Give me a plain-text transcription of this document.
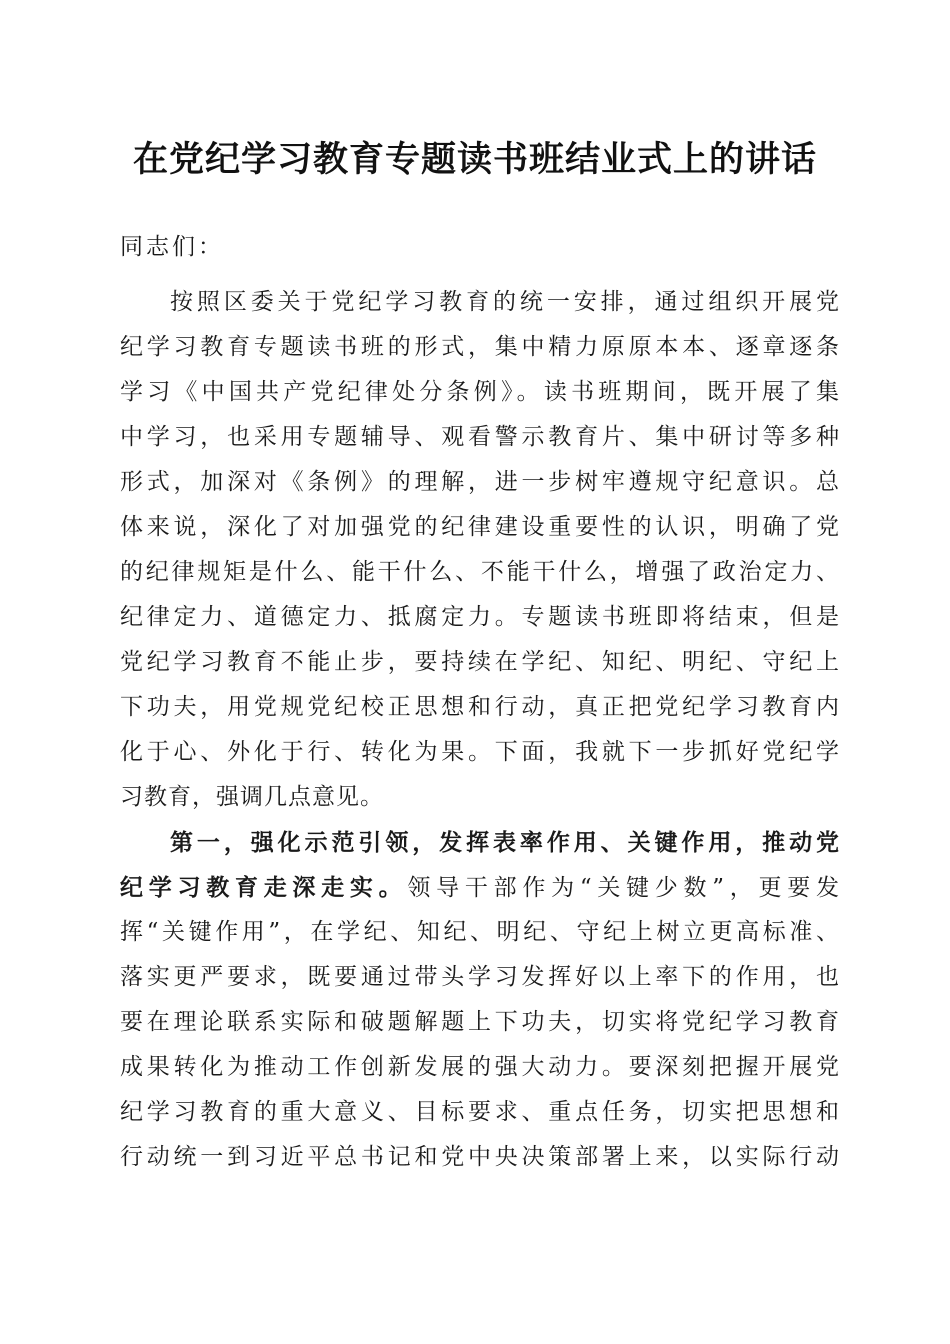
在党纪学习教育专题读书班结业式上的讲话
同志们：
按照区委关于党纪学习教育的统一安排，通过组织开展党
纪学习教育专题读书班的形式，集中精力原原本本、逐章逐条
学习《中国共产党纪律处分条例》。读书班期间，既开展了集
中学习，也采用专题辅导、观看警示教育片、集中研讨等多种
形式，加深对《条例》的理解，进一步树牢遵规守纪意识。总
体来说，深化了对加强党的纪律建设重要性的认识，明确了党
的纪律规矩是什么、能干什么、不能干什么，增强了政治定力、
纪律定力、道德定力、抵腐定力。专题读书班即将结束，但是
党纪学习教育不能止步，要持续在学纪、知纪、明纪、守纪上
下功夫，用党规党纪校正思想和行动，真正把党纪学习教育内
化于心、外化于行、转化为果。下面，我就下一步抓好党纪学
习教育，强调几点意见。
第一，强化示范引领，发挥表率作用、关键作用，推动党
纪学习教育走深走实。领导干部作为“关键少数”，更要发
挥“关键作用”，在学纪、知纪、明纪、守纪上树立更高标准、
落实更严要求，既要通过带头学习发挥好以上率下的作用，也
要在理论联系实际和破题解题上下功夫，切实将党纪学习教育
成果转化为推动工作创新发展的强大动力。要深刻把握开展党
纪学习教育的重大意义、目标要求、重点任务，切实把思想和
行动统一到习近平总书记和党中央决策部署上来，以实际行动
